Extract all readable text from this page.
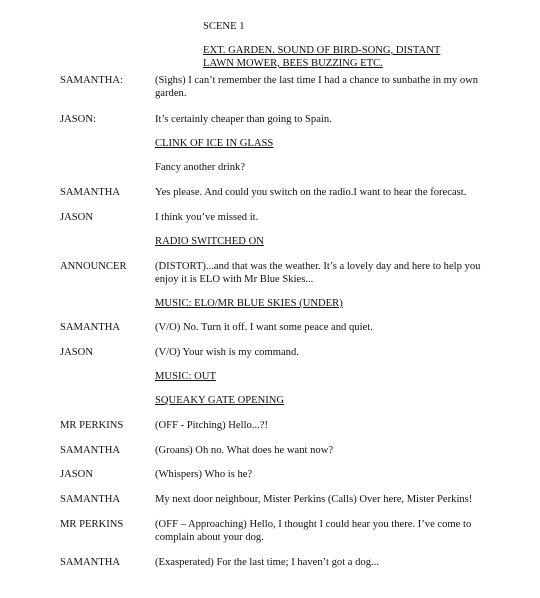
SCENE 1
EXT. GARDEN. SOUND OF BIRD-SONG, DISTANT LAWN MOWER, BEES BUZZING ETC.
SAMANTHA:	(Sighs) I can’t remember the last time I had a chance to sunbathe in my own garden.
JASON:	It’s certainly cheaper than going to Spain.
CLINK OF ICE IN GLASS
Fancy another drink?
SAMANTHA	Yes please. And could you switch on the radio.I want to hear the forecast.
JASON	I think you’ve missed it.
RADIO SWITCHED ON
ANNOUNCER	(DISTORT)...and that was the weather. It’s a lovely day and here to help you enjoy it is ELO with Mr Blue Skies...
MUSIC: ELO/MR BLUE SKIES (UNDER)
SAMANTHA	(V/O) No. Turn it off. I want some peace and quiet.
JASON	(V/O) Your wish is my command.
MUSIC: OUT
SQUEAKY GATE OPENING
MR PERKINS	(OFF - Pitching) Hello...?!
SAMANTHA	(Groans) Oh no. What does he want now?
JASON	(Whispers) Who is he?
SAMANTHA	My next door neighbour, Mister Perkins (Calls) Over here, Mister Perkins!
MR PERKINS	(OFF – Approaching) Hello, I thought I could hear you there. I’ve come to complain about your dog.
SAMANTHA	(Exasperated) For the last time; I haven’t got a dog...
